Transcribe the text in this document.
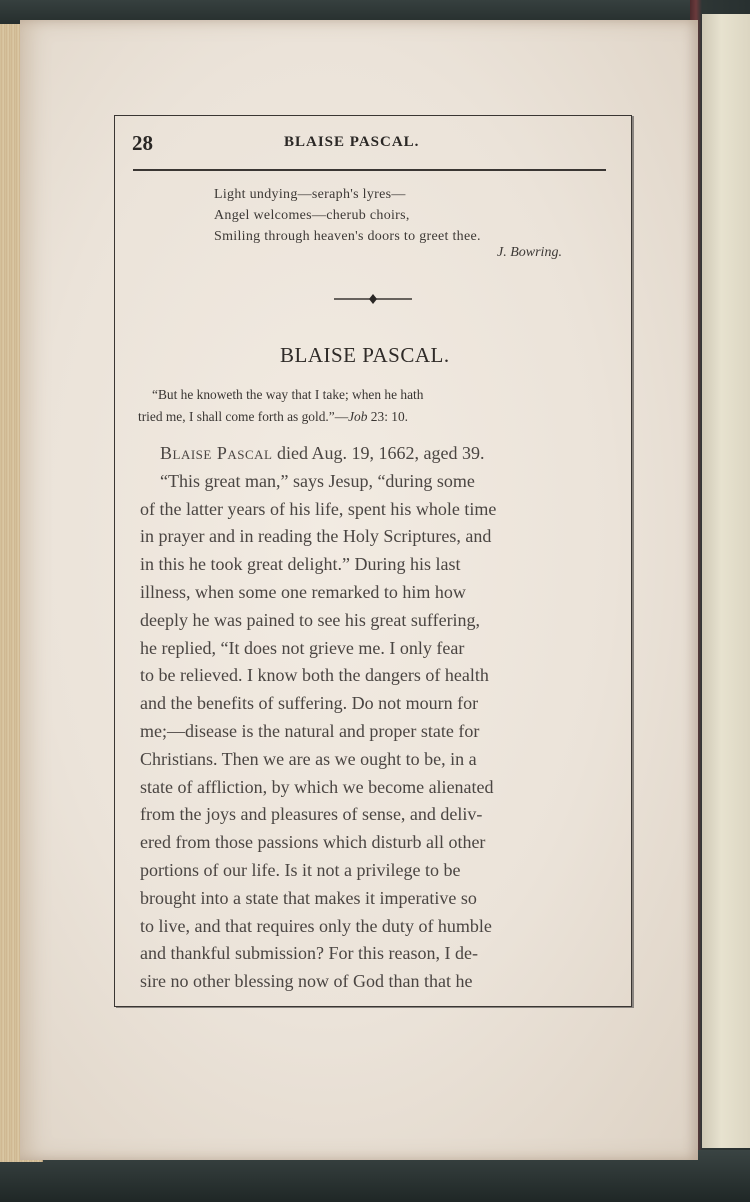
28	BLAISE PASCAL.
Light undying—seraph's lyres—
Angel welcomes—cherub choirs,
Smiling through heaven's doors to greet thee.
J. Bowring.
BLAISE PASCAL.
“But he knoweth the way that I take; when he hath
tried me, I shall come forth as gold.”—Job 23: 10.
Blaise Pascal died Aug. 19, 1662, aged 39.
“This great man,” says Jesup, “during some
of the latter years of his life, spent his whole time
in prayer and in reading the Holy Scriptures, and
in this he took great delight.” During his last
illness, when some one remarked to him how
deeply he was pained to see his great suffering,
he replied, “It does not grieve me. I only fear
to be relieved. I know both the dangers of health
and the benefits of suffering. Do not mourn for
me;—disease is the natural and proper state for
Christians. Then we are as we ought to be, in a
state of affliction, by which we become alienated
from the joys and pleasures of sense, and deliv-
ered from those passions which disturb all other
portions of our life. Is it not a privilege to be
brought into a state that makes it imperative so
to live, and that requires only the duty of humble
and thankful submission? For this reason, I de-
sire no other blessing now of God than that he
